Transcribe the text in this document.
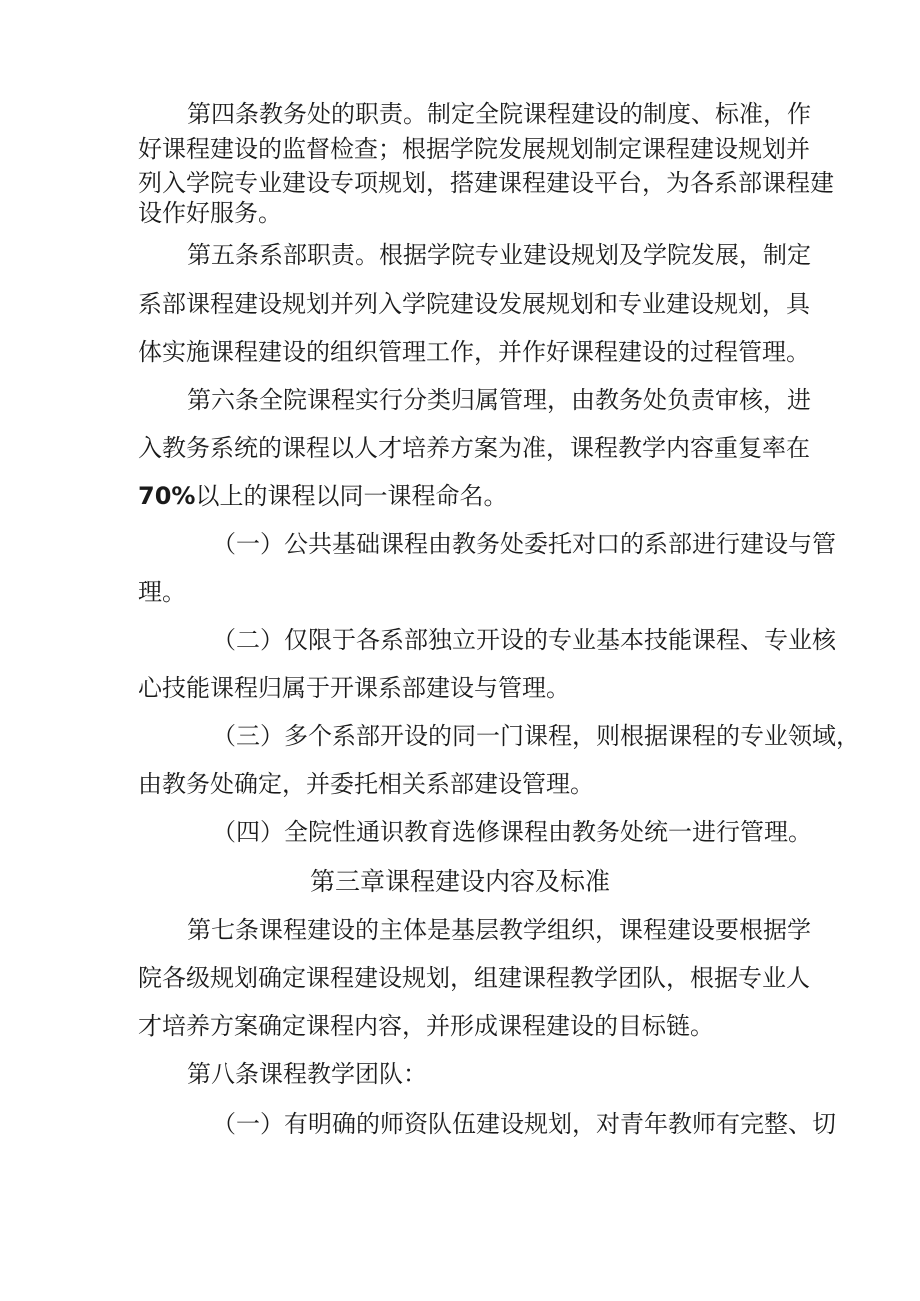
第四条教务处的职责。制定全院课程建设的制度、标准，作
好课程建设的监督检查；根据学院发展规划制定课程建设规划并
列入学院专业建设专项规划，搭建课程建设平台，为各系部课程建
设作好服务。
第五条系部职责。根据学院专业建设规划及学院发展，制定
系部课程建设规划并列入学院建设发展规划和专业建设规划，具
体实施课程建设的组织管理工作，并作好课程建设的过程管理。
第六条全院课程实行分类归属管理，由教务处负责审核，进
入教务系统的课程以人才培养方案为准，课程教学内容重复率在
70%以上的课程以同一课程命名。
（一）公共基础课程由教务处委托对口的系部进行建设与管
理。
（二）仅限于各系部独立开设的专业基本技能课程、专业核
心技能课程归属于开课系部建设与管理。
（三）多个系部开设的同一门课程，则根据课程的专业领域，
由教务处确定，并委托相关系部建设管理。
（四）全院性通识教育选修课程由教务处统一进行管理。
第三章课程建设内容及标准
第七条课程建设的主体是基层教学组织，课程建设要根据学
院各级规划确定课程建设规划，组建课程教学团队，根据专业人
才培养方案确定课程内容，并形成课程建设的目标链。
第八条课程教学团队：
（一）有明确的师资队伍建设规划，对青年教师有完整、切
